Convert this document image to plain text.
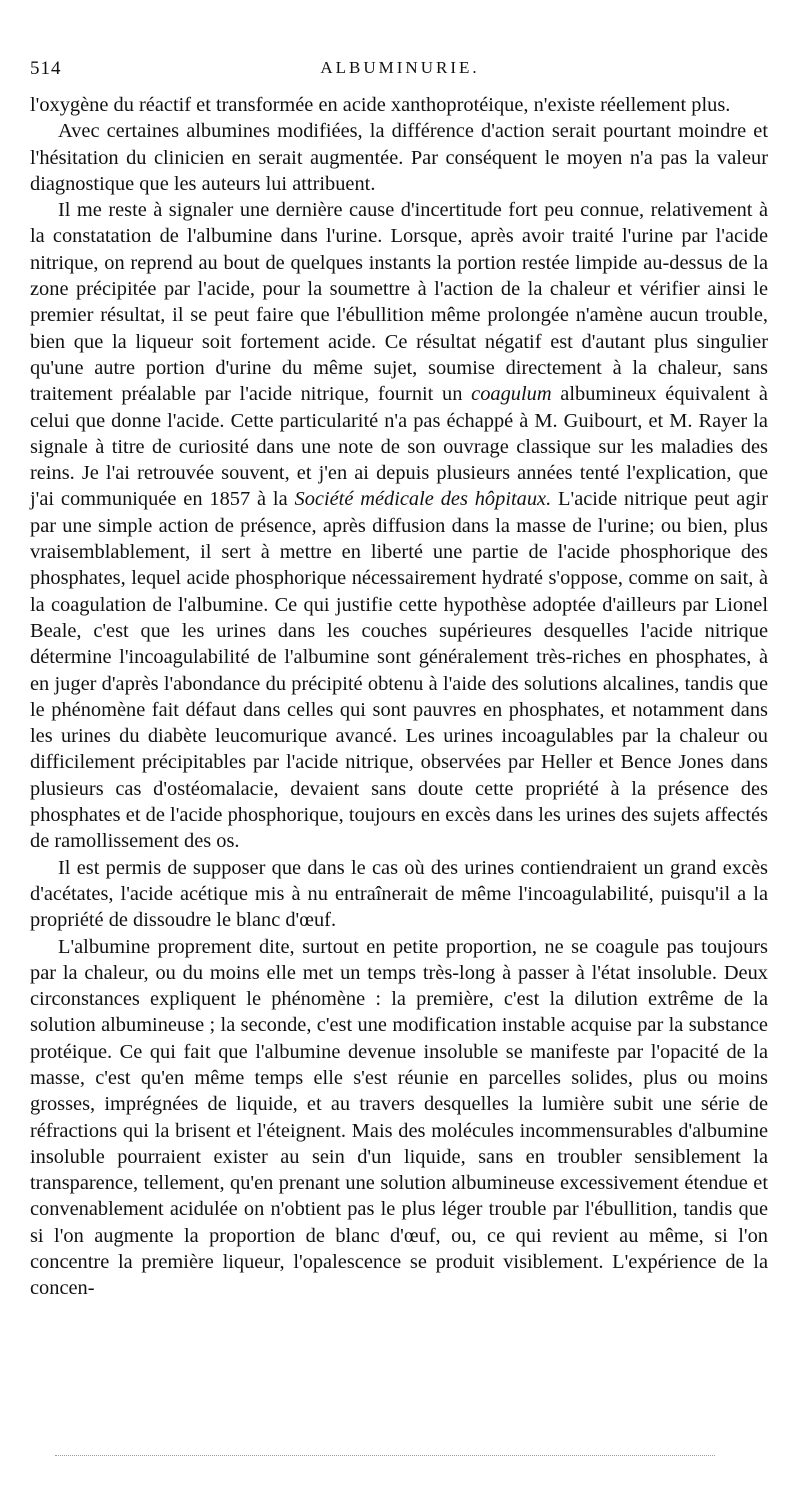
514	ALBUMINURIE.

l'oxygène du réactif et transformée en acide xanthoprotéique, n'existe réellement plus.

Avec certaines albumines modifiées, la différence d'action serait pourtant moindre et l'hésitation du clinicien en serait augmentée. Par conséquent le moyen n'a pas la valeur diagnostique que les auteurs lui attribuent.

Il me reste à signaler une dernière cause d'incertitude fort peu connue, relativement à la constatation de l'albumine dans l'urine. Lorsque, après avoir traité l'urine par l'acide nitrique, on reprend au bout de quelques instants la portion restée limpide au-dessus de la zone précipitée par l'acide, pour la soumettre à l'action de la chaleur et vérifier ainsi le premier résultat, il se peut faire que l'ébullition même prolongée n'amène aucun trouble, bien que la liqueur soit fortement acide. Ce résultat négatif est d'autant plus singulier qu'une autre portion d'urine du même sujet, soumise directement à la chaleur, sans traitement préalable par l'acide nitrique, fournit un coagulum albumineux équivalent à celui que donne l'acide. Cette particularité n'a pas échappé à M. Guibourt, et M. Rayer la signale à titre de curiosité dans une note de son ouvrage classique sur les maladies des reins. Je l'ai retrouvée souvent, et j'en ai depuis plusieurs années tenté l'explication, que j'ai communiquée en 1857 à la Société médicale des hôpitaux. L'acide nitrique peut agir par une simple action de présence, après diffusion dans la masse de l'urine; ou bien, plus vraisemblablement, il sert à mettre en liberté une partie de l'acide phosphorique des phosphates, lequel acide phosphorique nécessairement hydraté s'oppose, comme on sait, à la coagulation de l'albumine. Ce qui justifie cette hypothèse adoptée d'ailleurs par Lionel Beale, c'est que les urines dans les couches supérieures desquelles l'acide nitrique détermine l'incoagulabilité de l'albumine sont généralement très-riches en phosphates, à en juger d'après l'abondance du précipité obtenu à l'aide des solutions alcalines, tandis que le phénomène fait défaut dans celles qui sont pauvres en phosphates, et notamment dans les urines du diabète leucomurique avancé. Les urines incoagulables par la chaleur ou difficilement précipitables par l'acide nitrique, observées par Heller et Bence Jones dans plusieurs cas d'ostéomalacie, devaient sans doute cette propriété à la présence des phosphates et de l'acide phosphorique, toujours en excès dans les urines des sujets affectés de ramollissement des os.

Il est permis de supposer que dans le cas où des urines contiendraient un grand excès d'acétates, l'acide acétique mis à nu entraînerait de même l'incoagulabilité, puisqu'il a la propriété de dissoudre le blanc d'œuf.

L'albumine proprement dite, surtout en petite proportion, ne se coagule pas toujours par la chaleur, ou du moins elle met un temps très-long à passer à l'état insoluble. Deux circonstances expliquent le phénomène : la première, c'est la dilution extrême de la solution albumineuse ; la seconde, c'est une modification instable acquise par la substance protéique. Ce qui fait que l'albumine devenue insoluble se manifeste par l'opacité de la masse, c'est qu'en même temps elle s'est réunie en parcelles solides, plus ou moins grosses, imprégnées de liquide, et au travers desquelles la lumière subit une série de réfractions qui la brisent et l'éteignent. Mais des molécules incommensurables d'albumine insoluble pourraient exister au sein d'un liquide, sans en troubler sensiblement la transparence, tellement, qu'en prenant une solution albumineuse excessivement étendue et convenablement acidulée on n'obtient pas le plus léger trouble par l'ébullition, tandis que si l'on augmente la proportion de blanc d'œuf, ou, ce qui revient au même, si l'on concentre la première liqueur, l'opalescence se produit visiblement. L'expérience de la concen-
